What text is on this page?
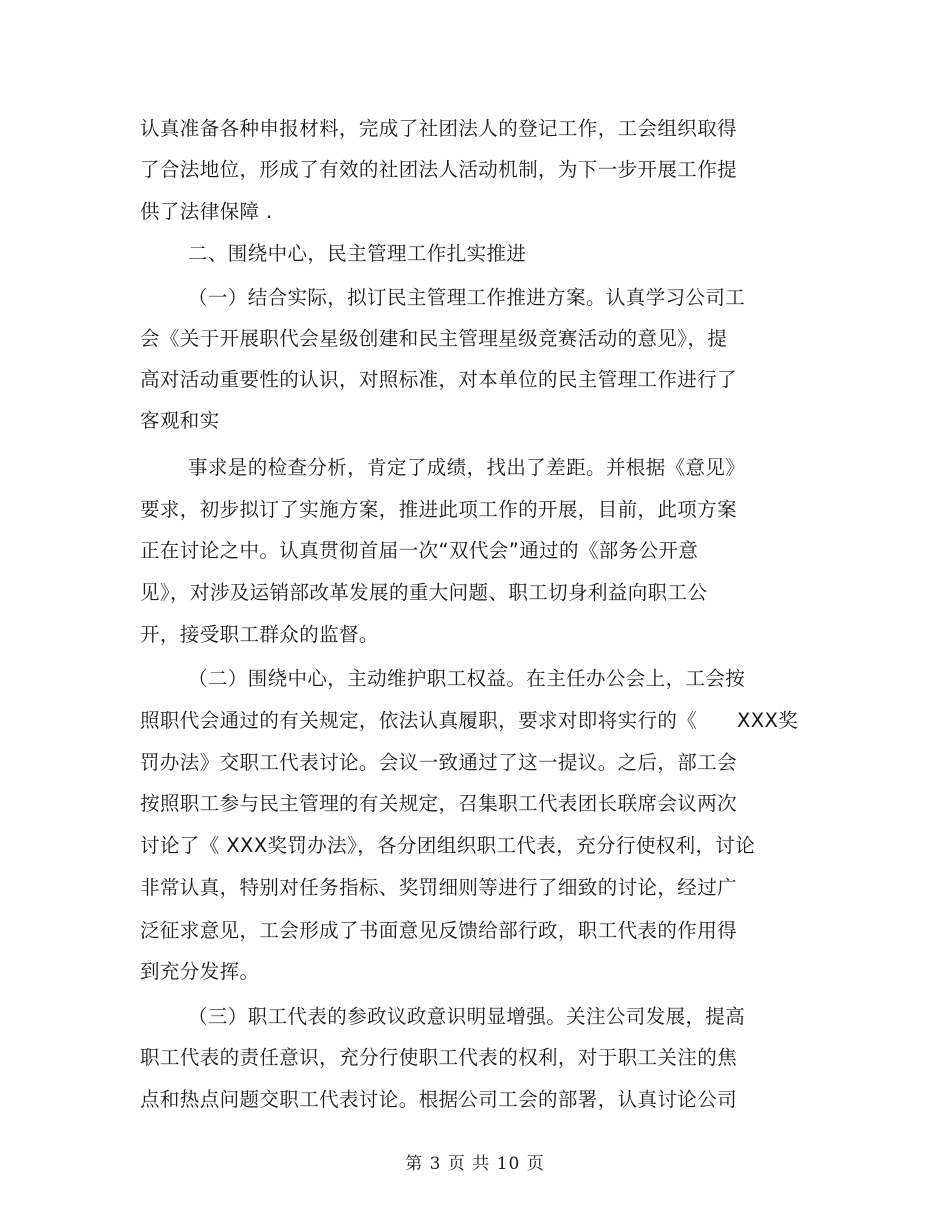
认真准备各种申报材料，完成了社团法人的登记工作，工会组织取得
了合法地位，形成了有效的社团法人活动机制，为下一步开展工作提
供了法律保障 .
二、围绕中心，民主管理工作扎实推进
（一）结合实际，拟订民主管理工作推进方案。认真学习公司工
会《关于开展职代会星级创建和民主管理星级竞赛活动的意见》，提
高对活动重要性的认识，对照标准，对本单位的民主管理工作进行了
客观和实
事求是的检查分析，肯定了成绩，找出了差距。并根据《意见》
要求，初步拟订了实施方案，推进此项工作的开展，目前，此项方案
正在讨论之中。认真贯彻首届一次“双代会”通过的《部务公开意
见》，对涉及运销部改革发展的重大问题、职工切身利益向职工公
开，接受职工群众的监督。
（二）围绕中心，主动维护职工权益。在主任办公会上，工会按
照职代会通过的有关规定，依法认真履职，要求对即将实行的《　　XXX奖
罚办法》交职工代表讨论。会议一致通过了这一提议。之后，部工会
按照职工参与民主管理的有关规定，召集职工代表团长联席会议两次
讨论了《 XXX奖罚办法》，各分团组织职工代表，充分行使权利，讨论
非常认真，特别对任务指标、奖罚细则等进行了细致的讨论，经过广
泛征求意见，工会形成了书面意见反馈给部行政，职工代表的作用得
到充分发挥。
（三）职工代表的参政议政意识明显增强。关注公司发展，提高
职工代表的责任意识，充分行使职工代表的权利，对于职工关注的焦
点和热点问题交职工代表讨论。根据公司工会的部署，认真讨论公司
第 3 页 共 10 页
